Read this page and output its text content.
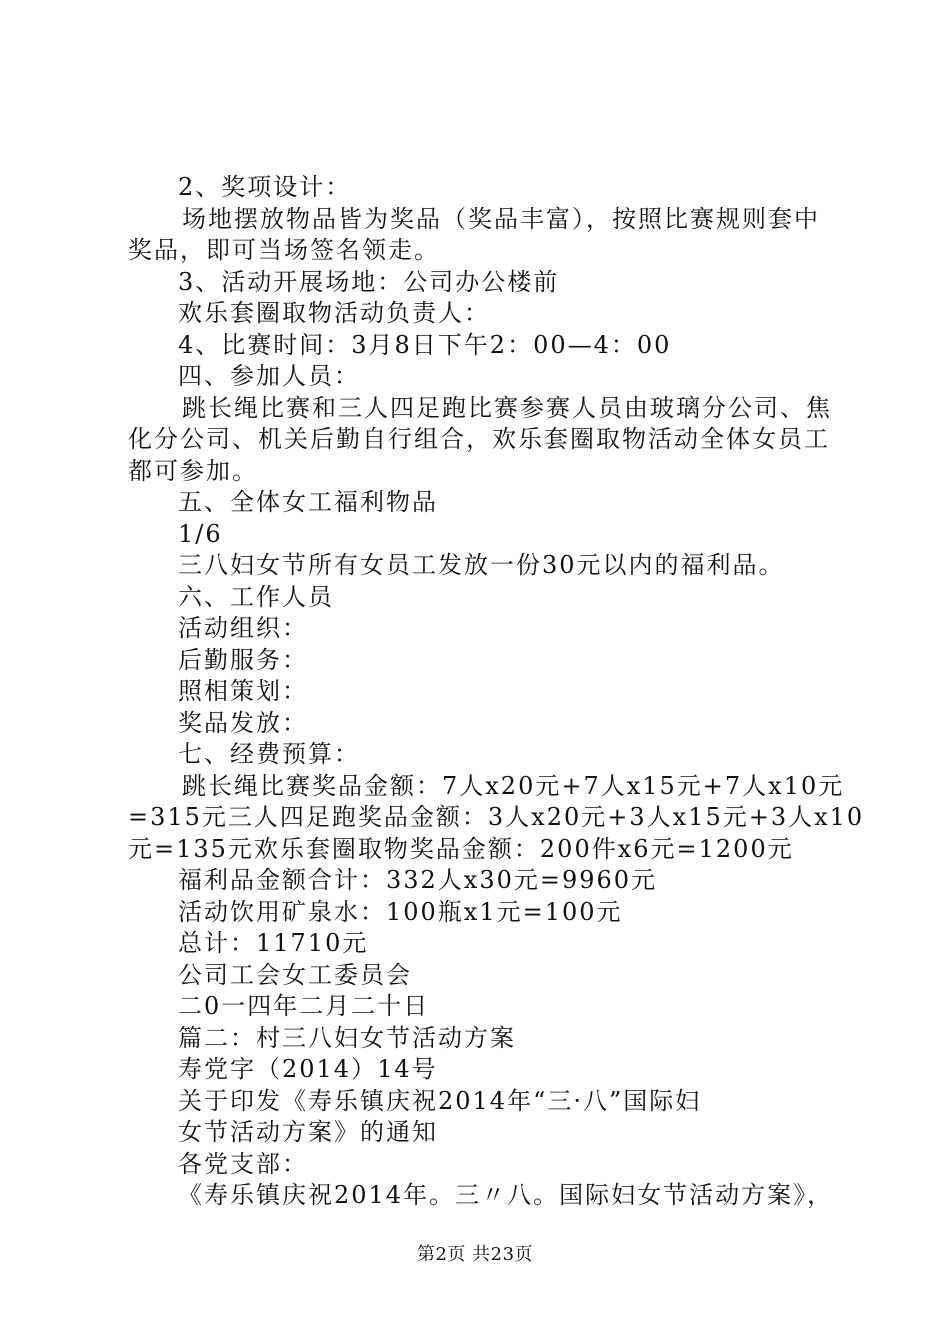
2、奖项设计：
场地摆放物品皆为奖品（奖品丰富），按照比赛规则套中
奖品，即可当场签名领走。
3、活动开展场地：公司办公楼前
欢乐套圈取物活动负责人：
4、比赛时间：3月8日下午2：00—4：00
四、参加人员：
跳长绳比赛和三人四足跑比赛参赛人员由玻璃分公司、焦
化分公司、机关后勤自行组合，欢乐套圈取物活动全体女员工
都可参加。
五、全体女工福利物品
1/6
三八妇女节所有女员工发放一份30元以内的福利品。
六、工作人员
活动组织：
后勤服务：
照相策划：
奖品发放：
七、经费预算：
跳长绳比赛奖品金额：7人x20元+7人x15元+7人x10元
=315元三人四足跑奖品金额：3人x20元+3人x15元+3人x10
元=135元欢乐套圈取物奖品金额：200件x6元=1200元
福利品金额合计：332人x30元=9960元
活动饮用矿泉水：100瓶x1元=100元
总计：11710元
公司工会女工委员会
二0一四年二月二十日
篇二：村三八妇女节活动方案
寿党字（2014）14号
关于印发《寿乐镇庆祝2014年“三·八”国际妇
女节活动方案》的通知
各党支部：
《寿乐镇庆祝2014年。三〃八。国际妇女节活动方案》，
第2页 共23页
